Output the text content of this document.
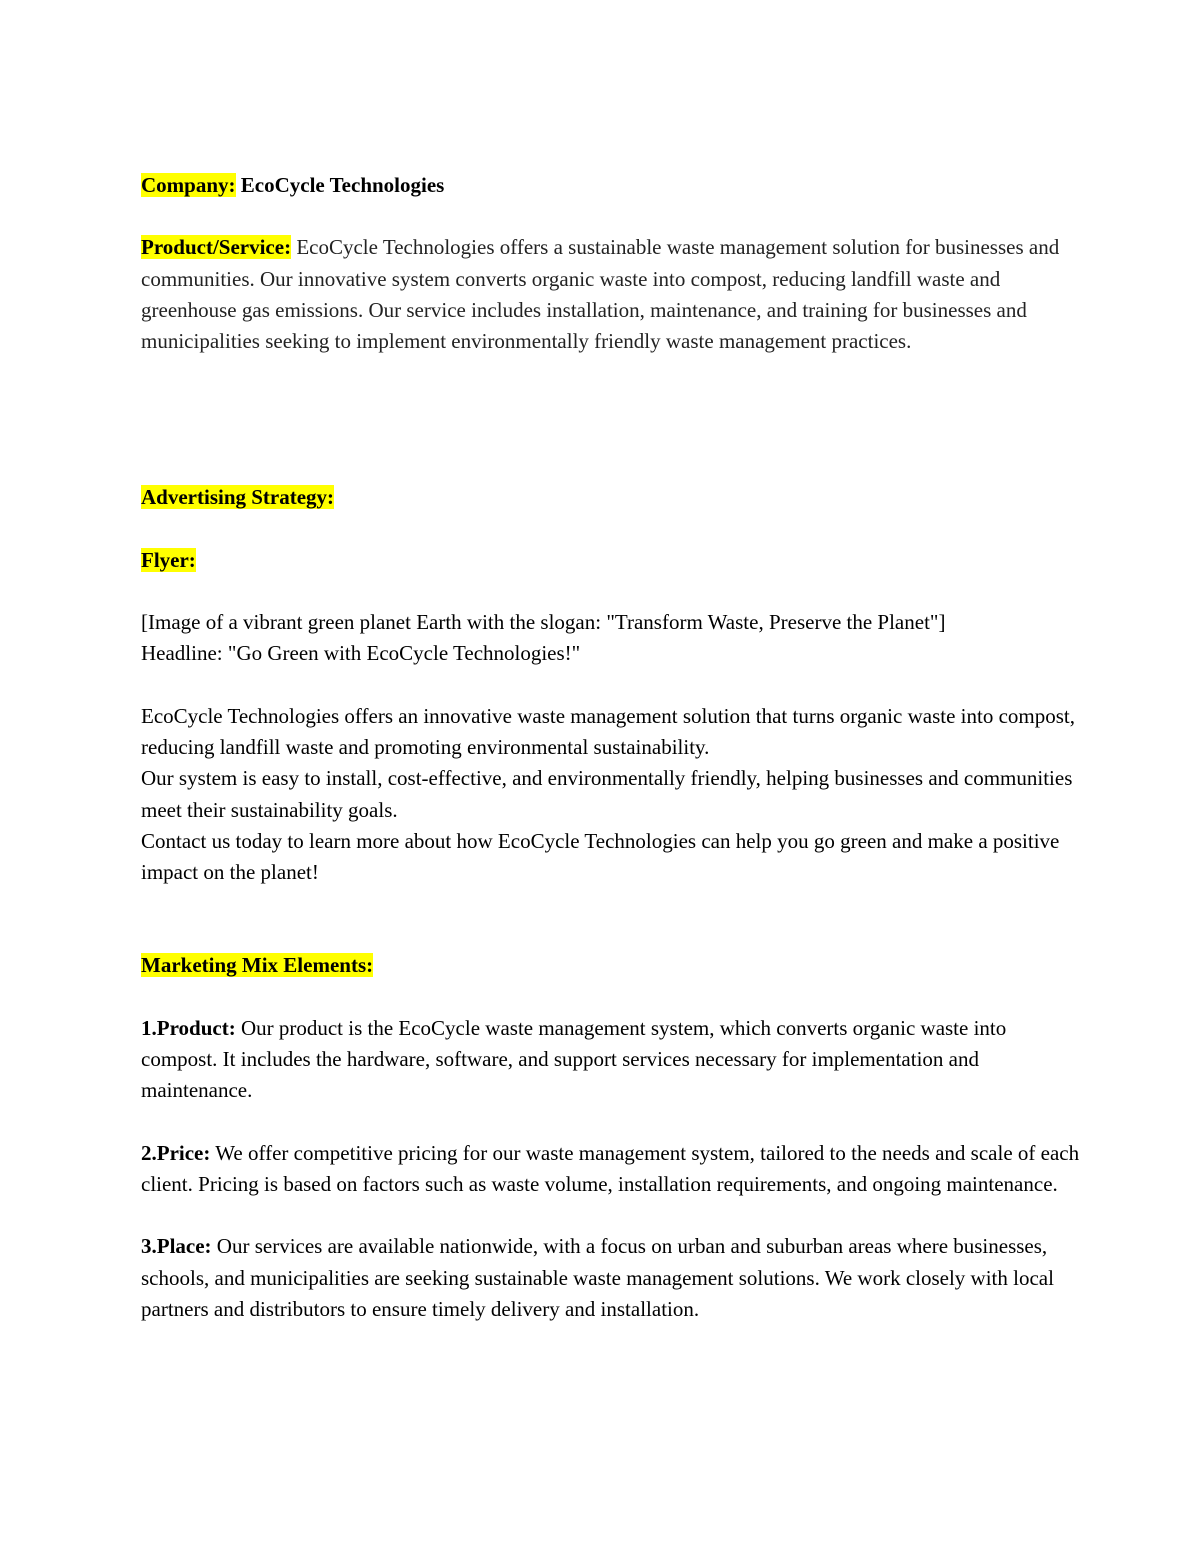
Company: EcoCycle Technologies

Product/Service: EcoCycle Technologies offers a sustainable waste management solution for businesses and communities. Our innovative system converts organic waste into compost, reducing landfill waste and greenhouse gas emissions. Our service includes installation, maintenance, and training for businesses and municipalities seeking to implement environmentally friendly waste management practices.

Advertising Strategy:

Flyer:

[Image of a vibrant green planet Earth with the slogan: "Transform Waste, Preserve the Planet"]

Headline: "Go Green with EcoCycle Technologies!"

EcoCycle Technologies offers an innovative waste management solution that turns organic waste into compost, reducing landfill waste and promoting environmental sustainability.

Our system is easy to install, cost-effective, and environmentally friendly, helping businesses and communities meet their sustainability goals.

Contact us today to learn more about how EcoCycle Technologies can help you go green and make a positive impact on the planet!

Marketing Mix Elements:

1.Product: Our product is the EcoCycle waste management system, which converts organic waste into compost. It includes the hardware, software, and support services necessary for implementation and maintenance.

2.Price: We offer competitive pricing for our waste management system, tailored to the needs and scale of each client. Pricing is based on factors such as waste volume, installation requirements, and ongoing maintenance.

3.Place: Our services are available nationwide, with a focus on urban and suburban areas where businesses, schools, and municipalities are seeking sustainable waste management solutions. We work closely with local partners and distributors to ensure timely delivery and installation.
